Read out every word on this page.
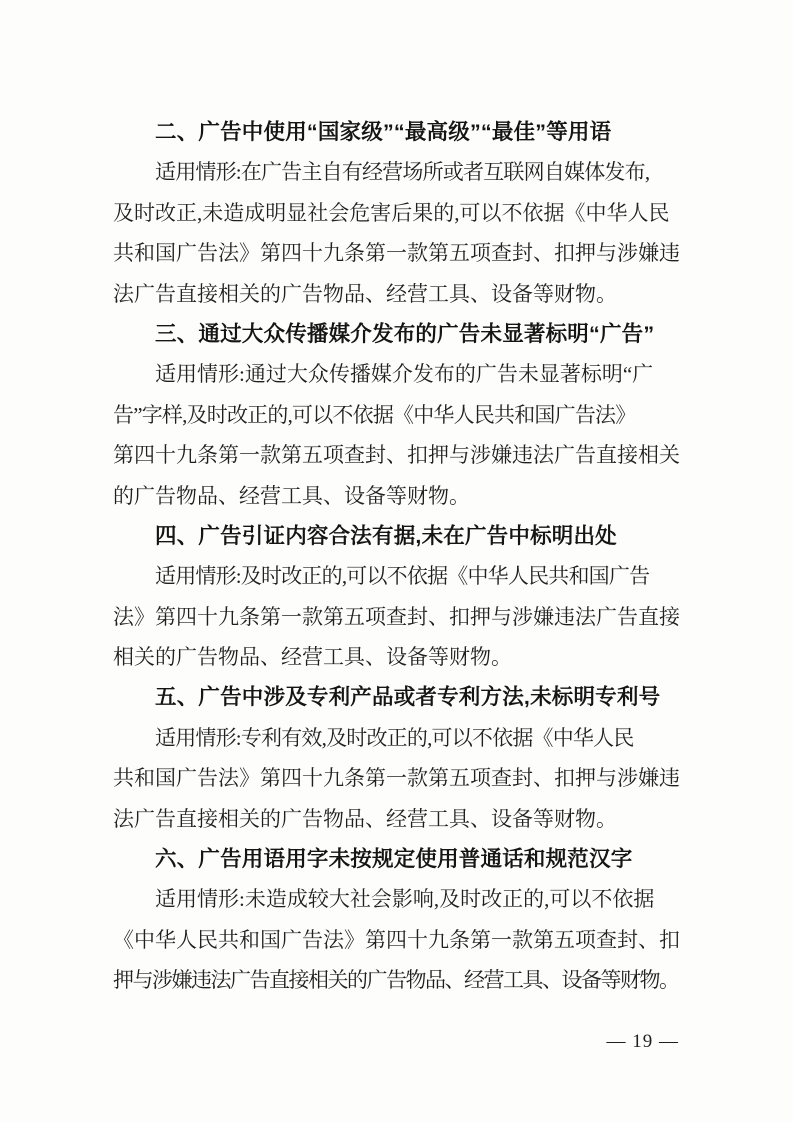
二、广告中使用“国家级”“最高级”“最佳”等用语
适用情形:在广告主自有经营场所或者互联网自媒体发布,
及时改正,未造成明显社会危害后果的,可以不依据《中华人民
共和国广告法》第四十九条第一款第五项查封、扣押与涉嫌违
法广告直接相关的广告物品、经营工具、设备等财物。
三、通过大众传播媒介发布的广告未显著标明“广告”
适用情形:通过大众传播媒介发布的广告未显著标明“广
告”字样,及时改正的,可以不依据《中华人民共和国广告法》
第四十九条第一款第五项查封、扣押与涉嫌违法广告直接相关
的广告物品、经营工具、设备等财物。
四、广告引证内容合法有据,未在广告中标明出处
适用情形:及时改正的,可以不依据《中华人民共和国广告
法》第四十九条第一款第五项查封、扣押与涉嫌违法广告直接
相关的广告物品、经营工具、设备等财物。
五、广告中涉及专利产品或者专利方法,未标明专利号
适用情形:专利有效,及时改正的,可以不依据《中华人民
共和国广告法》第四十九条第一款第五项查封、扣押与涉嫌违
法广告直接相关的广告物品、经营工具、设备等财物。
六、广告用语用字未按规定使用普通话和规范汉字
适用情形:未造成较大社会影响,及时改正的,可以不依据
《中华人民共和国广告法》第四十九条第一款第五项查封、扣
押与涉嫌违法广告直接相关的广告物品、经营工具、设备等财物。
— 19 —
